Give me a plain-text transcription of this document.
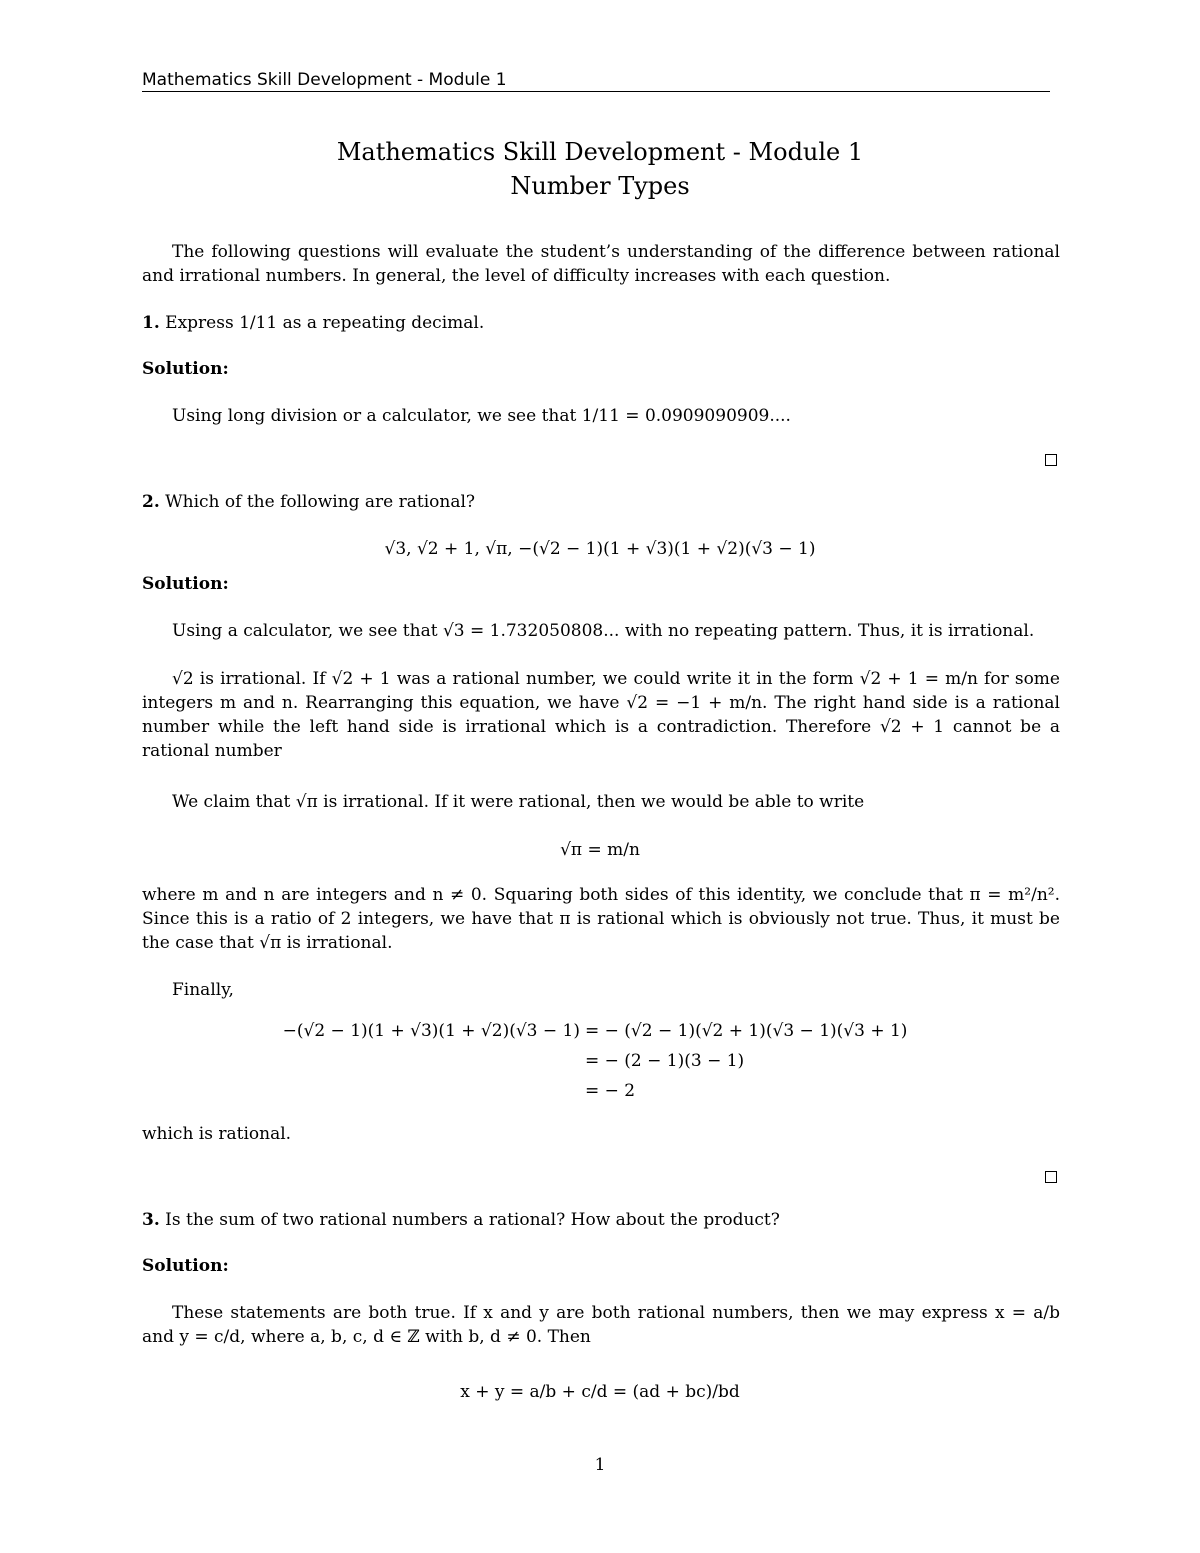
Mathematics Skill Development - Module 1
Mathematics Skill Development - Module 1
Number Types
The following questions will evaluate the student’s understanding of the difference between rational and irrational numbers. In general, the level of difficulty increases with each question.
1. Express 1/11 as a repeating decimal.
Solution:
Using long division or a calculator, we see that 1/11 = 0.0909090909....
2. Which of the following are rational?
√3, √2 + 1, √π, −(√2 − 1)(1 + √3)(1 + √2)(√3 − 1)
Solution:
Using a calculator, we see that √3 = 1.732050808... with no repeating pattern. Thus, it is irrational.
√2 is irrational. If √2 + 1 was a rational number, we could write it in the form √2 + 1 = m/n for some integers m and n. Rearranging this equation, we have √2 = −1 + m/n. The right hand side is a rational number while the left hand side is irrational which is a contradiction. Therefore √2 + 1 cannot be a rational number
We claim that √π is irrational. If it were rational, then we would be able to write
√π = m/n
where m and n are integers and n ≠ 0. Squaring both sides of this identity, we conclude that π = m²/n². Since this is a ratio of 2 integers, we have that π is rational which is obviously not true. Thus, it must be the case that √π is irrational.
Finally,
−(√2 − 1)(1 + √3)(1 + √2)(√3 − 1) = − (√2 − 1)(√2 + 1)(√3 − 1)(√3 + 1)
= − (2 − 1)(3 − 1)
= − 2
which is rational.
3. Is the sum of two rational numbers a rational? How about the product?
Solution:
These statements are both true. If x and y are both rational numbers, then we may express x = a/b and y = c/d, where a, b, c, d ∈ ℤ with b, d ≠ 0. Then
x + y = a/b + c/d = (ad + bc)/bd
1
